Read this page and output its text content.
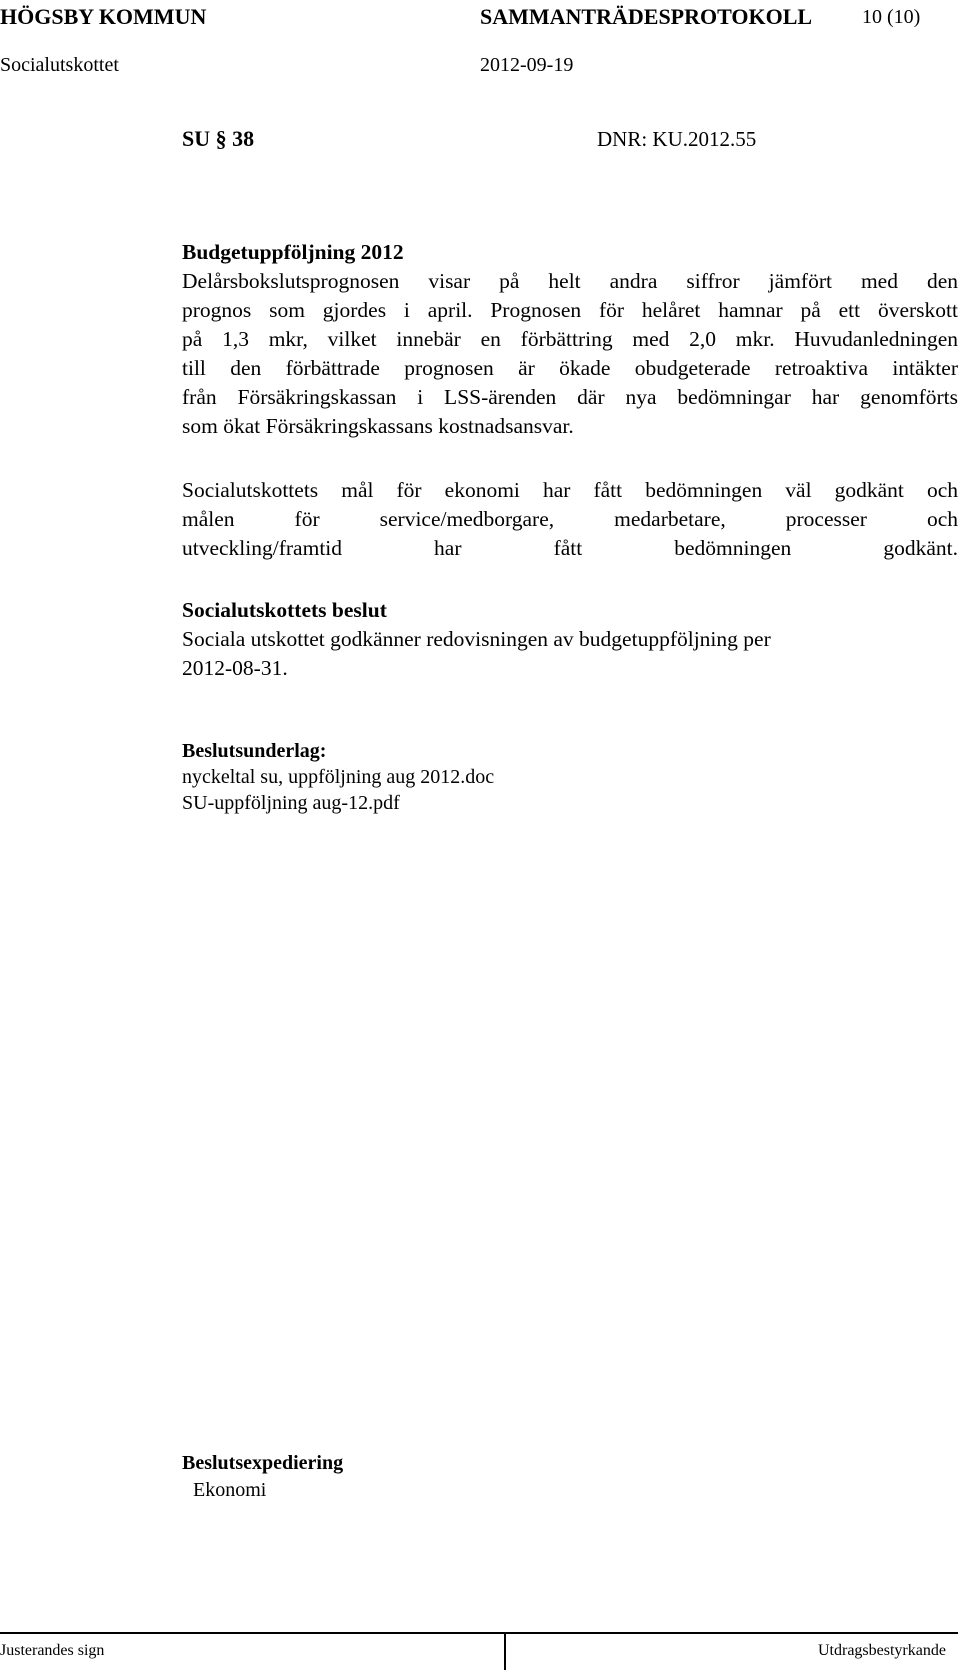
HÖGSBY KOMMUN	SAMMANTRÄDESPROTOKOLL 10 (10)
Socialutskottet	2012-09-19
SU § 38	DNR: KU.2012.55
Budgetuppföljning 2012
Delårsbokslutsprognosen visar på helt andra siffror jämfört med den
prognos som gjordes i april. Prognosen för helåret hamnar på ett överskott
på 1,3 mkr, vilket innebär en förbättring med 2,0 mkr. Huvudanledningen
till den förbättrade prognosen är ökade obudgeterade retroaktiva intäkter
från Försäkringskassan i LSS-ärenden där nya bedömningar har genomförts
som ökat Försäkringskassans kostnadsansvar.
Socialutskottets mål för ekonomi har fått bedömningen väl godkänt och
målen för service/medborgare, medarbetare, processer och
utveckling/framtid har fått bedömningen godkänt.
Socialutskottets beslut
Sociala utskottet godkänner redovisningen av budgetuppföljning per
2012-08-31.
Beslutsunderlag:
nyckeltal su, uppföljning aug 2012.doc
SU-uppföljning aug-12.pdf
Beslutsexpediering
Ekonomi
Justerandes sign	Utdragsbestyrkande
